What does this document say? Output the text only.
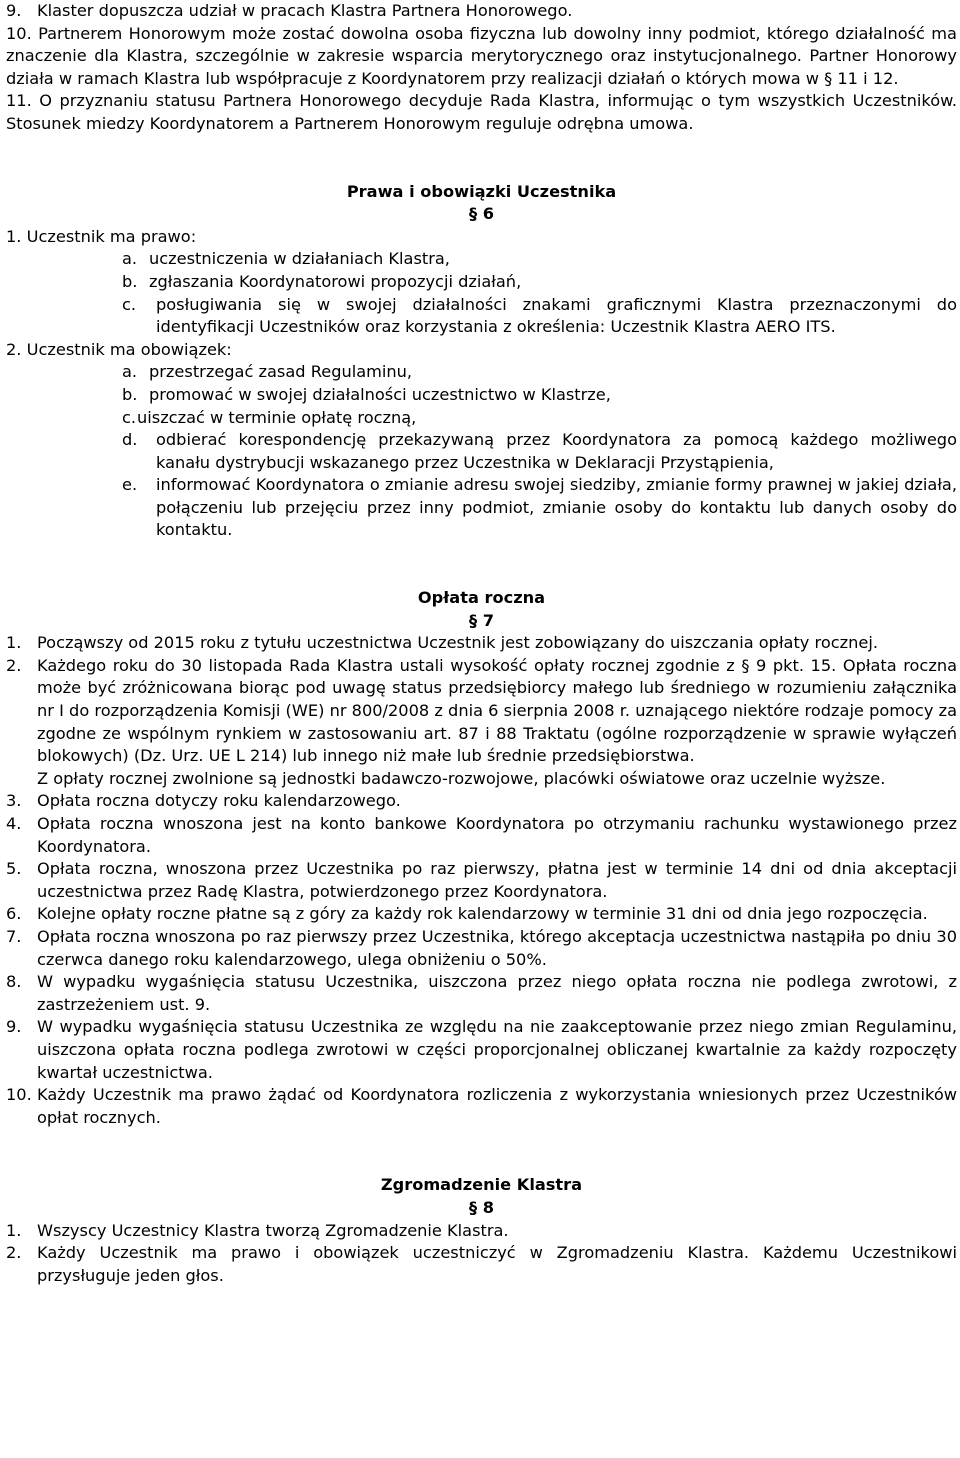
9. Klaster dopuszcza udział w pracach Klastra Partnera Honorowego.
10. Partnerem Honorowym może zostać dowolna osoba fizyczna lub dowolny inny podmiot, którego działalność ma znaczenie dla Klastra, szczególnie w zakresie wsparcia merytorycznego oraz instytucjonalnego. Partner Honorowy działa w ramach Klastra lub współpracuje z Koordynatorem przy realizacji działań o których mowa w § 11 i 12.
11. O przyznaniu statusu Partnera Honorowego decyduje Rada Klastra, informując o tym wszystkich Uczestników. Stosunek miedzy Koordynatorem a Partnerem Honorowym reguluje odrębna umowa.

Prawa i obowiązki Uczestnika

§ 6

1. Uczestnik ma prawo:
a. uczestniczenia w działaniach Klastra,
b. zgłaszania Koordynatorowi propozycji działań,
c. posługiwania się w swojej działalności znakami graficznymi Klastra przeznaczonymi do identyfikacji Uczestników oraz korzystania z określenia: Uczestnik Klastra AERO ITS.
2. Uczestnik ma obowiązek:
a. przestrzegać zasad Regulaminu,
b. promować w swojej działalności uczestnictwo w Klastrze,
c. uiszczać w terminie opłatę roczną,
d. odbierać korespondencję przekazywaną przez Koordynatora za pomocą każdego możliwego kanału dystrybucji wskazanego przez Uczestnika w Deklaracji Przystąpienia,
e. informować Koordynatora o zmianie adresu swojej siedziby, zmianie formy prawnej w jakiej działa, połączeniu lub przejęciu przez inny podmiot, zmianie osoby do kontaktu lub danych osoby do kontaktu.

Opłata roczna

§ 7

1. Począwszy od 2015 roku z tytułu uczestnictwa Uczestnik jest zobowiązany do uiszczania opłaty rocznej.
2. Każdego roku do 30 listopada Rada Klastra ustali wysokość opłaty rocznej zgodnie z § 9 pkt. 15. Opłata roczna może być zróżnicowana biorąc pod uwagę status przedsiębiorcy małego lub średniego w rozumieniu załącznika nr I do rozporządzenia Komisji (WE) nr 800/2008 z dnia 6 sierpnia 2008 r. uznającego niektóre rodzaje pomocy za zgodne ze wspólnym rynkiem w zastosowaniu art. 87 i 88 Traktatu (ogólne rozporządzenie w sprawie wyłączeń blokowych) (Dz. Urz. UE L 214) lub innego niż małe lub średnie przedsiębiorstwa.

Z opłaty rocznej zwolnione są jednostki badawczo-rozwojowe, placówki oświatowe oraz uczelnie wyższe.

3. Opłata roczna dotyczy roku kalendarzowego.
4. Opłata roczna wnoszona jest na konto bankowe Koordynatora po otrzymaniu rachunku wystawionego przez Koordynatora.
5. Opłata roczna, wnoszona przez Uczestnika po raz pierwszy, płatna jest w terminie 14 dni od dnia akceptacji uczestnictwa przez Radę Klastra, potwierdzonego przez Koordynatora.
6. Kolejne opłaty roczne płatne są z góry za każdy rok kalendarzowy w terminie 31 dni od dnia jego rozpoczęcia.
7. Opłata roczna wnoszona po raz pierwszy przez Uczestnika, którego akceptacja uczestnictwa nastąpiła po dniu 30 czerwca danego roku kalendarzowego, ulega obniżeniu o 50%.
8. W wypadku wygaśnięcia statusu Uczestnika, uiszczona przez niego opłata roczna nie podlega zwrotowi, z zastrzeżeniem ust. 9.
9. W wypadku wygaśnięcia statusu Uczestnika ze względu na nie zaakceptowanie przez niego zmian Regulaminu, uiszczona opłata roczna podlega zwrotowi w części proporcjonalnej obliczanej kwartalnie za każdy rozpoczęty kwartał uczestnictwa.
10. Każdy Uczestnik ma prawo żądać od Koordynatora rozliczenia z wykorzystania wniesionych przez Uczestników opłat rocznych.

Zgromadzenie Klastra

§ 8

1. Wszyscy Uczestnicy Klastra tworzą Zgromadzenie Klastra.
2. Każdy Uczestnik ma prawo i obowiązek uczestniczyć w Zgromadzeniu Klastra. Każdemu Uczestnikowi przysługuje jeden głos.
